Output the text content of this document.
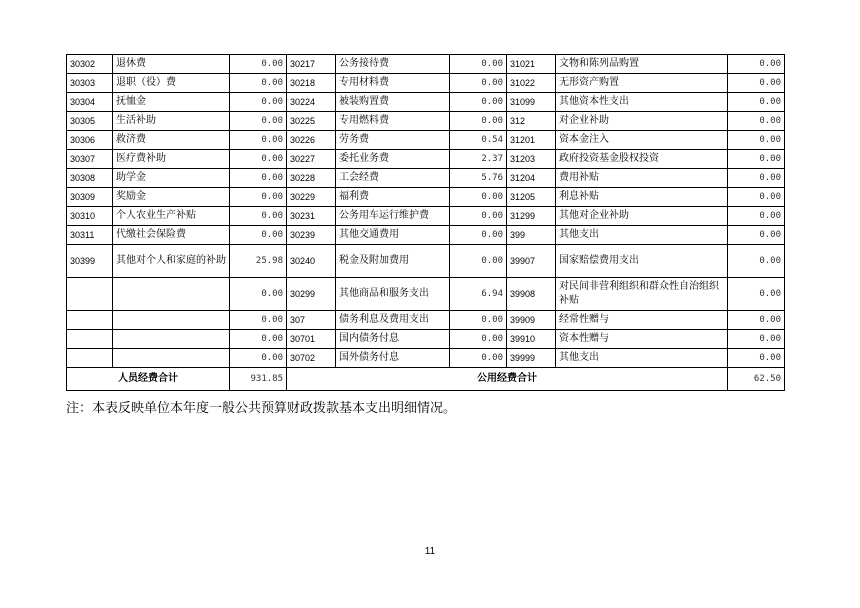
30302	退休费	0.00	30217	公务接待费	0.00	31021	文物和陈列品购置	0.00
30303	退职（役）费	0.00	30218	专用材料费	0.00	31022	无形资产购置	0.00
30304	抚恤金	0.00	30224	被装购置费	0.00	31099	其他资本性支出	0.00
30305	生活补助	0.00	30225	专用燃料费	0.00	312	对企业补助	0.00
30306	救济费	0.00	30226	劳务费	0.54	31201	资本金注入	0.00
30307	医疗费补助	0.00	30227	委托业务费	2.37	31203	政府投资基金股权投资	0.00
30308	助学金	0.00	30228	工会经费	5.76	31204	费用补贴	0.00
30309	奖励金	0.00	30229	福利费	0.00	31205	利息补贴	0.00
30310	个人农业生产补贴	0.00	30231	公务用车运行维护费	0.00	31299	其他对企业补助	0.00
30311	代缴社会保险费	0.00	30239	其他交通费用	0.00	399	其他支出	0.00
30399	其他对个人和家庭的补助	25.98	30240	税金及附加费用	0.00	39907	国家赔偿费用支出	0.00
		0.00	30299	其他商品和服务支出	6.94	39908	对民间非营利组织和群众性自治组织补贴	0.00
		0.00	307	债务利息及费用支出	0.00	39909	经常性赠与	0.00
		0.00	30701	国内债务付息	0.00	39910	资本性赠与	0.00
		0.00	30702	国外债务付息	0.00	39999	其他支出	0.00
人员经费合计		931.85	公用经费合计					62.50
注：本表反映单位本年度一般公共预算财政拨款基本支出明细情况。
11
